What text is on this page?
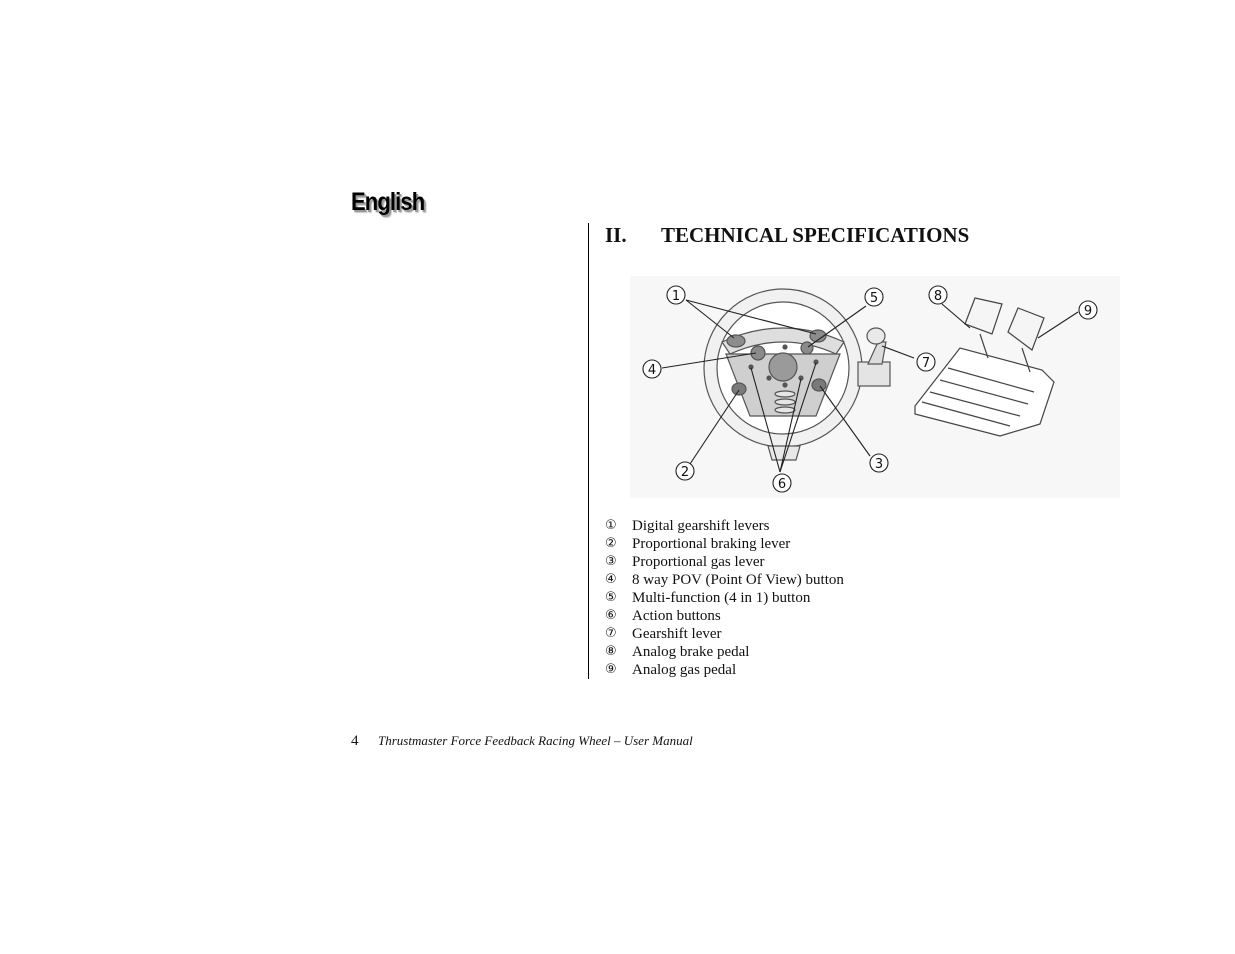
English
II. TECHNICAL SPECIFICATIONS
1
2
3
4
5
6
7
8
9
①	Digital gearshift levers
②	Proportional braking lever
③	Proportional gas lever
④	8 way POV (Point Of View) button
⑤	Multi-function (4 in 1) button
⑥	Action buttons
⑦	Gearshift lever
⑧	Analog brake pedal
⑨	Analog gas pedal
4	Thrustmaster Force Feedback Racing Wheel – User Manual
